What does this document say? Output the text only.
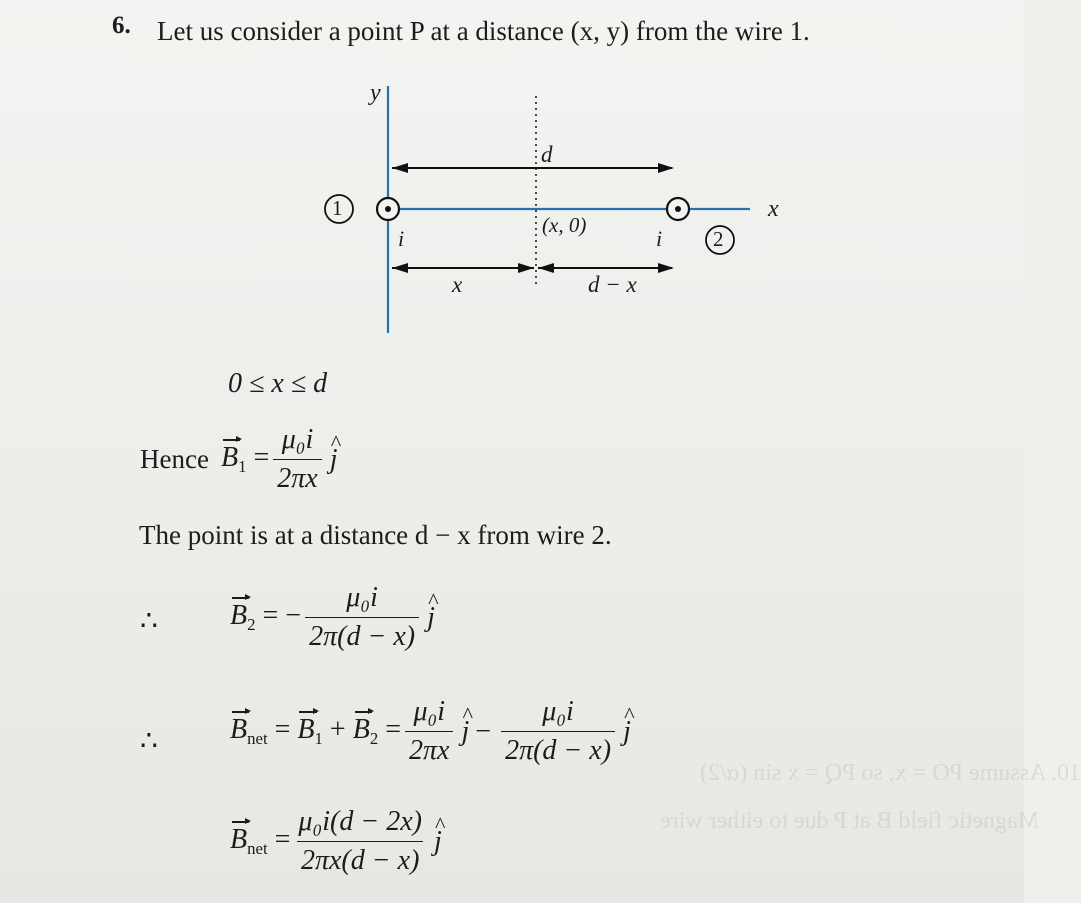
10. Assume PO = x, so PQ = x sin (α/2)
Magnetic field B at P due to either wire
6. Let us consider a point P at a distance (x, y) from the wire 1.
y
x
d
1
2
i	i
(x, 0)
x	d − x
0 ≤ x ≤ d
Hence $B_1 = \frac{\text{μ₀i}}{2\pi x}$ ^ j
The point is at a distance d − x from wire 2.
∴	$B_2$ = − $\frac{\text{μ₀i}}{2\pi(d - x)}$ ^ j
∴	$B_{net} = B_1 + B_2 = \frac{\text{μ₀i}}{2\pi x}$ ^ $j - \frac{\text{μ₀i}}{2\pi(d - x)}$ ^ j
$B_{net} = \frac{\text{μ₀i(d − 2x)}}{2\pi x(d - x)}$ ^ j
